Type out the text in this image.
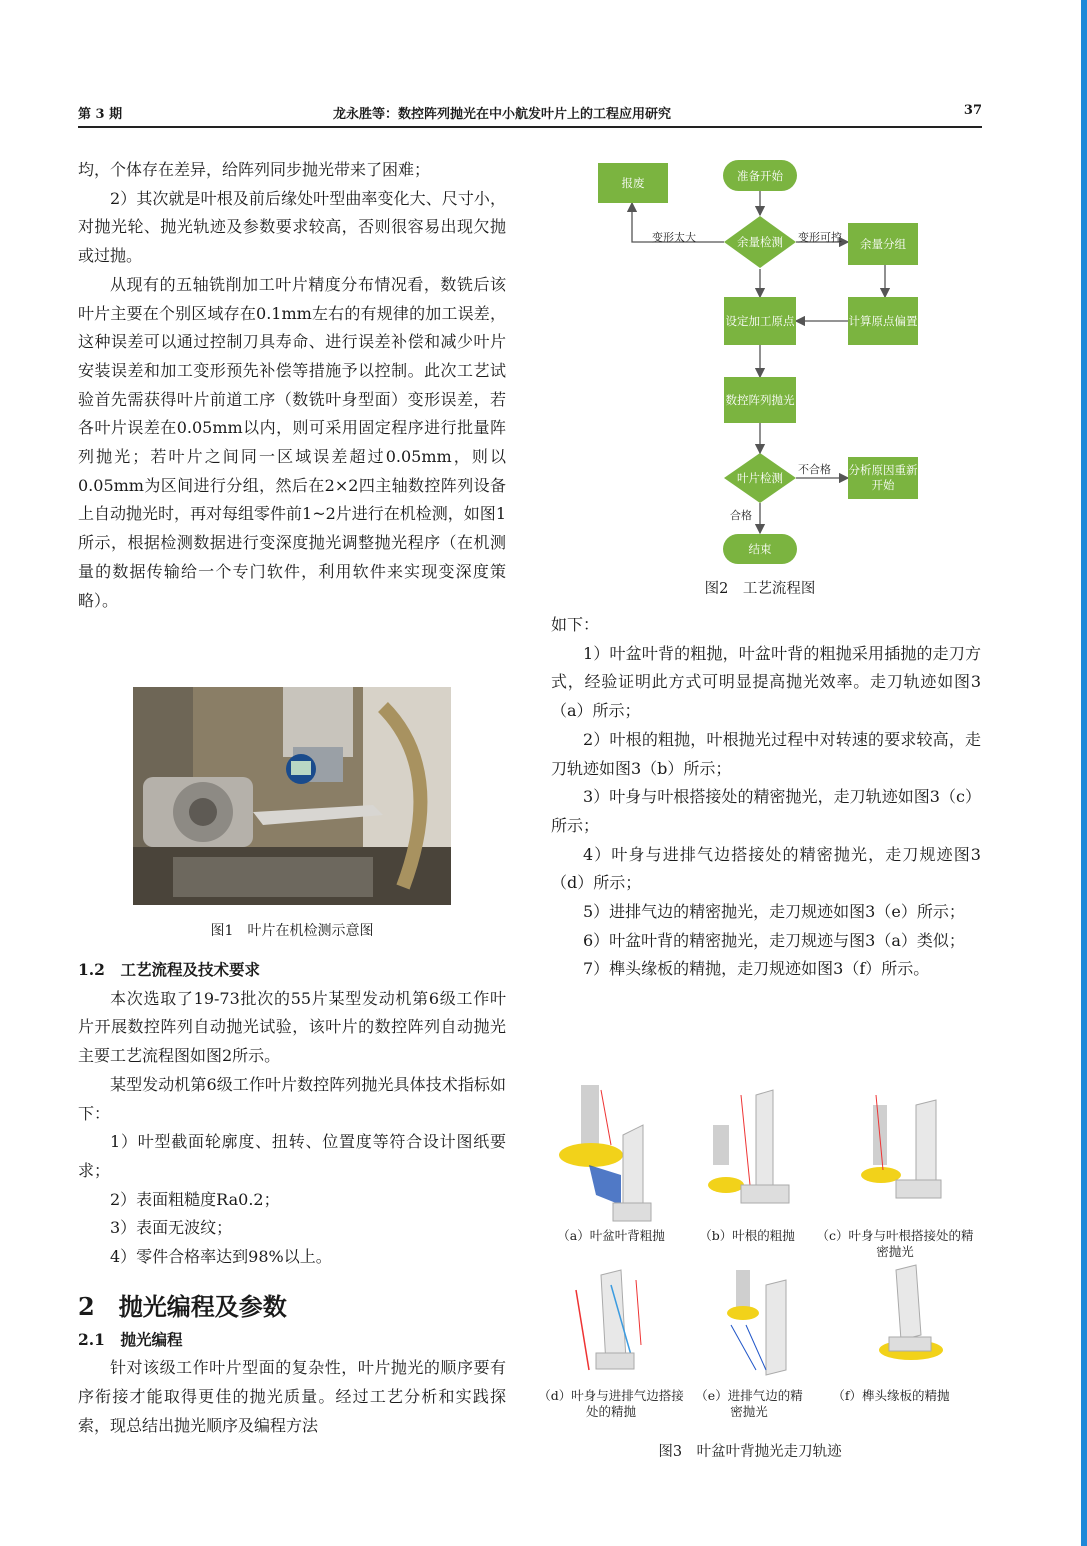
第 3 期	龙永胜等：数控阵列抛光在中小航发叶片上的工程应用研究	37

均，个体存在差异，给阵列同步抛光带来了困难；

2）其次就是叶根及前后缘处叶型曲率变化大、尺寸小，对抛光轮、抛光轨迹及参数要求较高，否则很容易出现欠抛或过抛。

从现有的五轴铣削加工叶片精度分布情况看，数铣后该叶片主要在个别区域存在0.1mm左右的有规律的加工误差，这种误差可以通过控制刀具寿命、进行误差补偿和减少叶片安装误差和加工变形预先补偿等措施予以控制。此次工艺试验首先需获得叶片前道工序（数铣叶身型面）变形误差，若各叶片误差在0.05mm以内，则可采用固定程序进行批量阵列抛光；若叶片之间同一区域误差超过0.05mm，则以0.05mm为区间进行分组，然后在2×2四主轴数控阵列设备上自动抛光时，再对每组零件前1~2片进行在机检测，如图1所示，根据检测数据进行变深度抛光调整抛光程序（在机测量的数据传输给一个专门软件，利用软件来实现变深度策略）。

图1　叶片在机检测示意图

1.2　工艺流程及技术要求

本次选取了19-73批次的55片某型发动机第6级工作叶片开展数控阵列自动抛光试验，该叶片的数控阵列自动抛光主要工艺流程图如图2所示。

某型发动机第6级工作叶片数控阵列抛光具体技术指标如下：

1）叶型截面轮廓度、扭转、位置度等符合设计图纸要求；

2）表面粗糙度Ra0.2；

3）表面无波纹；

4）零件合格率达到98%以上。

2　抛光编程及参数

2.1　抛光编程

针对该级工作叶片型面的复杂性，叶片抛光的顺序要有序衔接才能取得更佳的抛光质量。经过工艺分析和实践探索，现总结出抛光顺序及编程方法

准备开始
报废
余量检测	余量分组
设定加工原点	计算原点偏置
数控阵列抛光
叶片检测
分析原因重新开始
结束
变形太大	变形可控
不合格
合格
图2　工艺流程图

如下：

1）叶盆叶背的粗抛，叶盆叶背的粗抛采用插抛的走刀方式，经验证明此方式可明显提高抛光效率。走刀轨迹如图3（a）所示；

2）叶根的粗抛，叶根抛光过程中对转速的要求较高，走刀轨迹如图3（b）所示；

3）叶身与叶根搭接处的精密抛光，走刀轨迹如图3（c）所示；

4）叶身与进排气边搭接处的精密抛光，走刀规迹图3（d）所示；

5）进排气边的精密抛光，走刀规迹如图3（e）所示；

6）叶盆叶背的精密抛光，走刀规迹与图3（a）类似；

7）榫头缘板的精抛，走刀规迹如图3（f）所示。

（a）叶盆叶背粗抛	（b）叶根的粗抛	（c）叶身与叶根搭接处的精密抛光
（d）叶身与进排气边搭接处的精抛
（e）进排气边的精密抛光
（f）榫头缘板的精抛
图3　叶盆叶背抛光走刀轨迹
